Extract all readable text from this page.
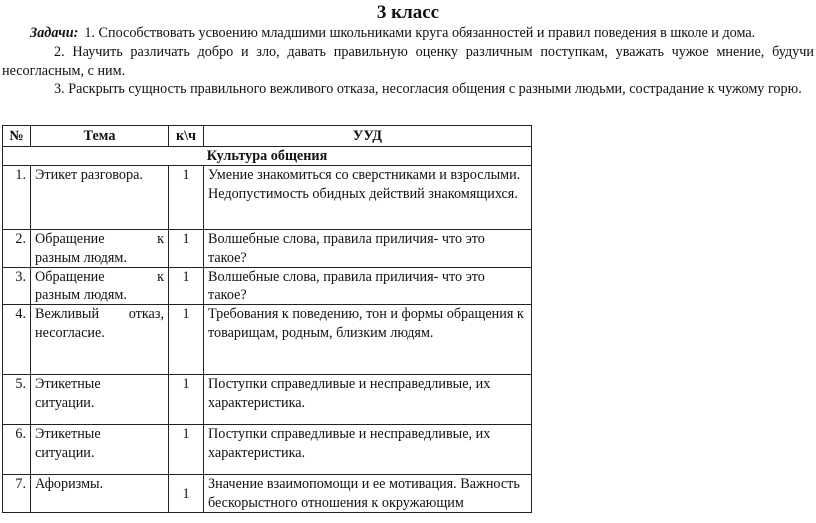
3 класс

Задачи: 1. Способствовать усвоению младшими школьниками круга обязанностей и правил поведения в школе и дома.

2. Научить различать добро и зло, давать правильную оценку различным поступкам, уважать чужое мнение, будучи несогласным, с ним.

3. Раскрыть сущность правильного вежливого отказа, несогласия общения с разными людьми, сострадание к чужому горю.

№	Тема	к\ч	УУД
Культура общения			
1.	Этикет разговора.	1	Умение знакомиться со сверстниками и взрослыми. Недопустимость обидных действий знакомящихся.
2.	Обращение к
разным людям.	1	Волшебные слова, правила приличия- что это такое?
3.	Обращение к
разным людям.	1	Волшебные слова, правила приличия- что это такое?
4.	Вежливый отказ,
несогласие.	1	Требования к поведению, тон и формы обращения к товарищам, родным, близким людям.
5.	Этикетные
ситуации.	1	Поступки справедливые и несправедливые, их характеристика.
6.	Этикетные
ситуации.	1	Поступки справедливые и несправедливые, их характеристика.
7.	Афоризмы.	1	Значение взаимопомощи и ее мотивация. Важность бескорыстного отношения к окружающим
